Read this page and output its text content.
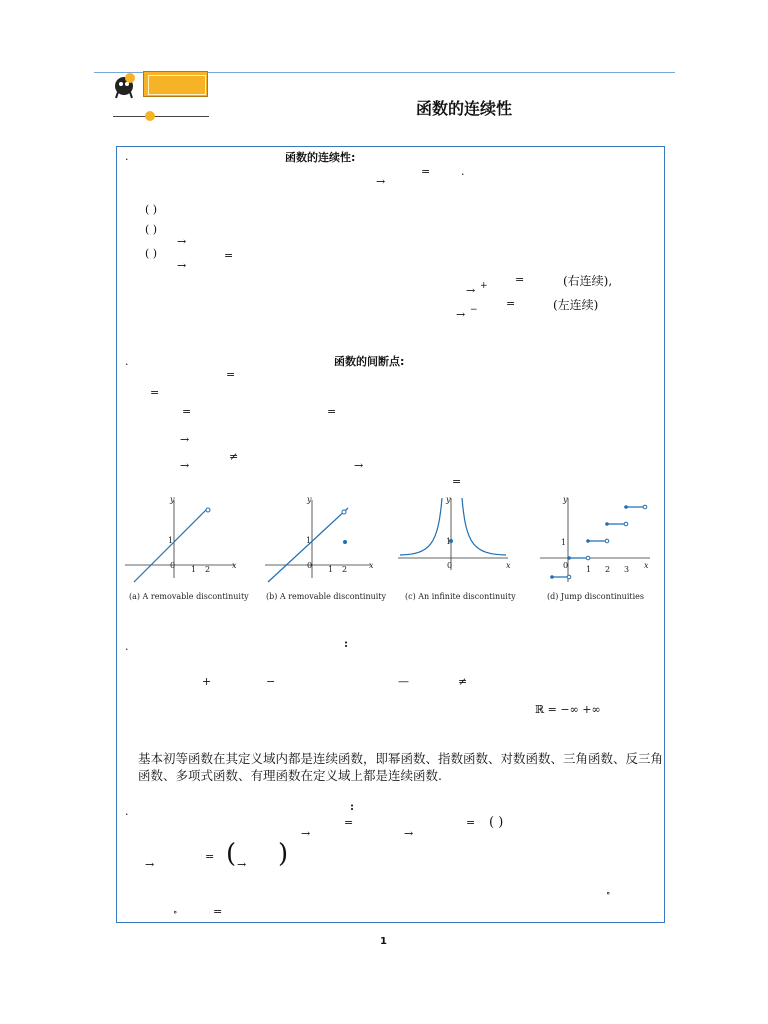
函数的连续性
.	函数的连续性:
=	.
→
( )
( )
→
( )	=
→
=	(右连续),
→ +
=	(左连续)
→ −
.	函数的间断点:
=
=
=	=
→
≠
→	→
=
y
1
0 1 2	x
y
1
0 1 2	x
y
1
0	x
y
1
0 1 2 3 x
(a) A removable discontinuity (b) A removable discontinuity (c) An infinite discontinuity	(d) Jump discontinuities
.	:
+	−	—	≠
ℝ = −∞ +∞
基本初等函数在其定义域内都是连续函数，即幂函数、指数函数、对数函数、三角函数、反三角函数、多项式函数、有理函数在定义域上都是连续函数.
.	:
=	= ( )
→	→
= ( )
→	→
∘
∘	=
1
